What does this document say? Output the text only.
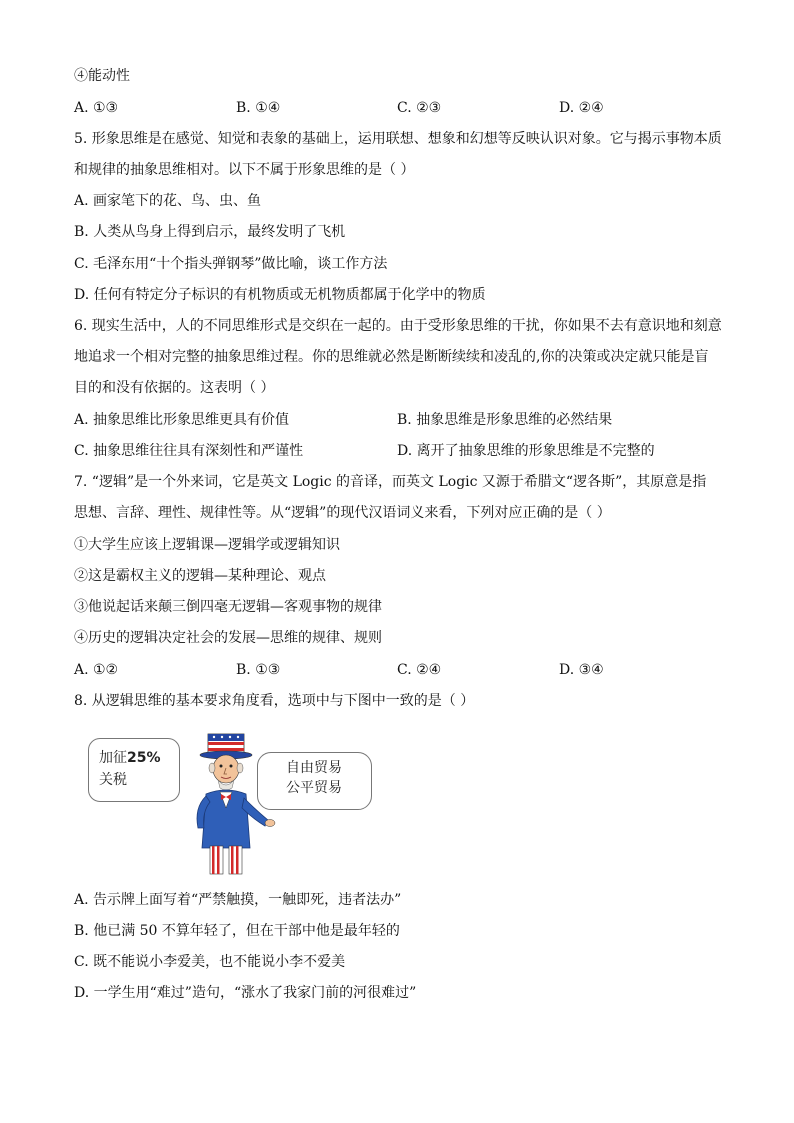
④能动性
A. ①③	B. ①④	C. ②③	D. ②④
5. 形象思维是在感觉、知觉和表象的基础上，运用联想、想象和幻想等反映认识对象。它与揭示事物本质
和规律的抽象思维相对。以下不属于形象思维的是（ ）
A. 画家笔下的花、鸟、虫、鱼
B. 人类从鸟身上得到启示，最终发明了飞机
C. 毛泽东用“十个指头弹钢琴”做比喻，谈工作方法
D. 任何有特定分子标识的有机物质或无机物质都属于化学中的物质
6. 现实生活中，人的不同思维形式是交织在一起的。由于受形象思维的干扰，你如果不去有意识地和刻意
地追求一个相对完整的抽象思维过程。你的思维就必然是断断续续和凌乱的,你的决策或决定就只能是盲
目的和没有依据的。这表明（ ）
A. 抽象思维比形象思维更具有价值	B. 抽象思维是形象思维的必然结果
C. 抽象思维往往具有深刻性和严谨性	D. 离开了抽象思维的形象思维是不完整的
7. “逻辑”是一个外来词，它是英文 Logic 的音译，而英文 Logic 又源于希腊文“逻各斯”，其原意是指
思想、言辞、理性、规律性等。从“逻辑”的现代汉语词义来看，下列对应正确的是（ ）
①大学生应该上逻辑课—逻辑学或逻辑知识
②这是霸权主义的逻辑—某种理论、观点
③他说起话来颠三倒四毫无逻辑—客观事物的规律
④历史的逻辑决定社会的发展—思维的规律、规则
A. ①②	B. ①③	C. ②④	D. ③④
8. 从逻辑思维的基本要求角度看，选项中与下图中一致的是（ ）
加征25%
关税
自由贸易
公平贸易
A. 告示牌上面写着“严禁触摸，一触即死，违者法办”
B. 他已满 50 不算年轻了，但在干部中他是最年轻的
C. 既不能说小李爱美，也不能说小李不爱美
D. 一学生用“难过”造句，“涨水了我家门前的河很难过”
